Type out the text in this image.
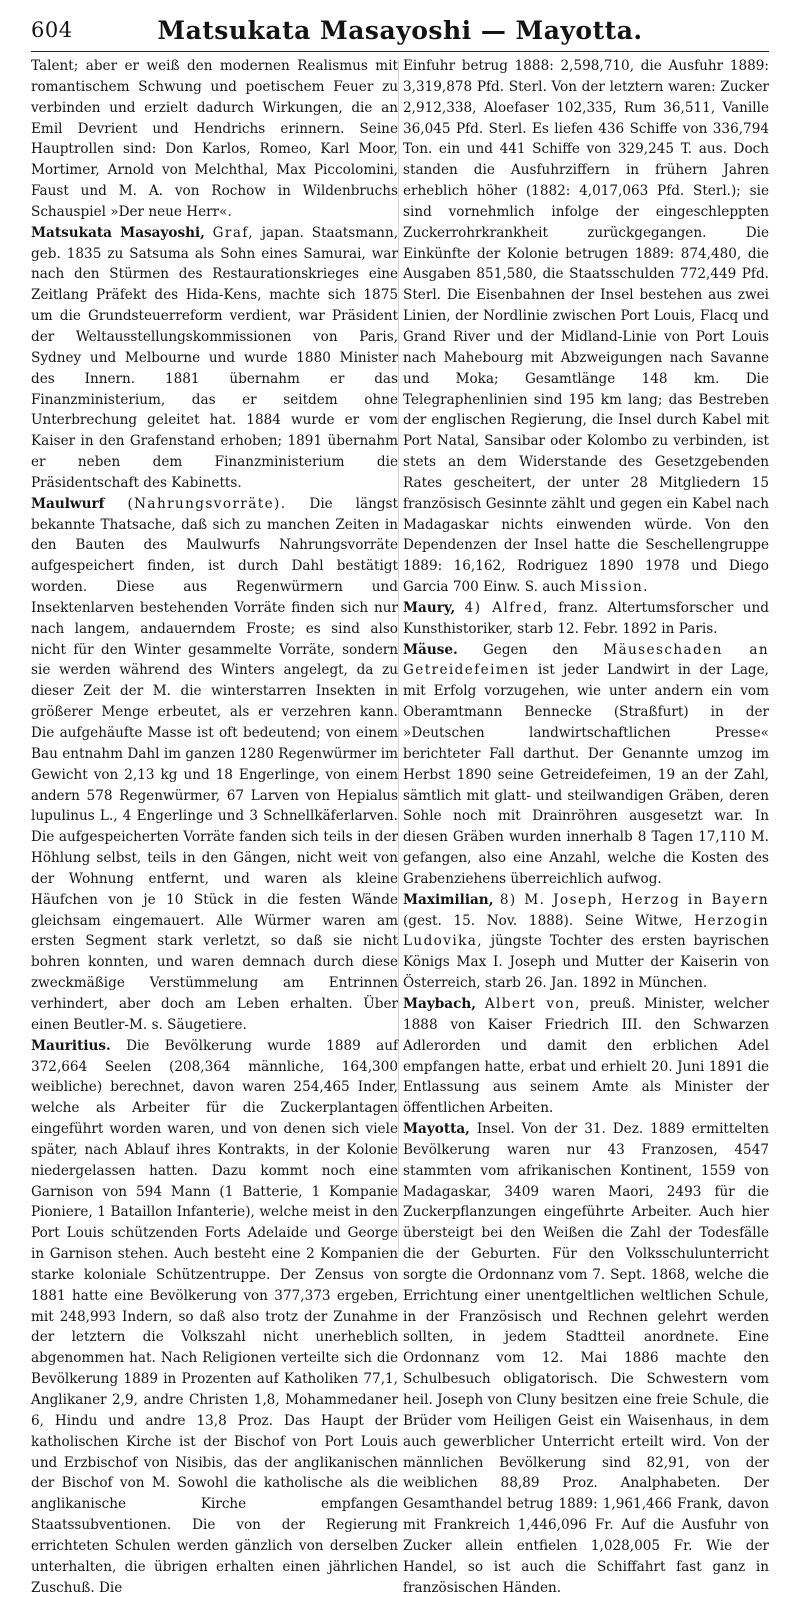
604	Matsukata Masayoshi — Mayotta.

Talent; aber er weiß den modernen Realismus mit romantischem Schwung und poetischem Feuer zu verbinden und erzielt dadurch Wirkungen, die an Emil Devrient und Hendrichs erinnern. Seine Hauptrollen sind: Don Karlos, Romeo, Karl Moor, Mortimer, Arnold von Melchthal, Max Piccolomini, Faust und M. A. von Rochow in Wildenbruchs Schauspiel »Der neue Herr«.

Matsukata Masayoshi, Graf, japan. Staatsmann, geb. 1835 zu Satsuma als Sohn eines Samurai, war nach den Stürmen des Restaurationskrieges eine Zeitlang Präfekt des Hida-Kens, machte sich 1875 um die Grundsteuerreform verdient, war Präsident der Weltausstellungskommissionen von Paris, Sydney und Melbourne und wurde 1880 Minister des Innern. 1881 übernahm er das Finanzministerium, das er seitdem ohne Unterbrechung geleitet hat. 1884 wurde er vom Kaiser in den Grafenstand erhoben; 1891 übernahm er neben dem Finanzministerium die Präsidentschaft des Kabinetts.

Maulwurf (Nahrungsvorräte). Die längst bekannte Thatsache, daß sich zu manchen Zeiten in den Bauten des Maulwurfs Nahrungsvorräte aufgespeichert finden, ist durch Dahl bestätigt worden. Diese aus Regenwürmern und Insektenlarven bestehenden Vorräte finden sich nur nach langem, andauerndem Froste; es sind also nicht für den Winter gesammelte Vorräte, sondern sie werden während des Winters angelegt, da zu dieser Zeit der M. die winterstarren Insekten in größerer Menge erbeutet, als er verzehren kann. Die aufgehäufte Masse ist oft bedeutend; von einem Bau entnahm Dahl im ganzen 1280 Regenwürmer im Gewicht von 2,13 kg und 18 Engerlinge, von einem andern 578 Regenwürmer, 67 Larven von Hepialus lupulinus L., 4 Engerlinge und 3 Schnellkäferlarven. Die aufgespeicherten Vorräte fanden sich teils in der Höhlung selbst, teils in den Gängen, nicht weit von der Wohnung entfernt, und waren als kleine Häufchen von je 10 Stück in die festen Wände gleichsam eingemauert. Alle Würmer waren am ersten Segment stark verletzt, so daß sie nicht bohren konnten, und waren demnach durch diese zweckmäßige Verstümmelung am Entrinnen verhindert, aber doch am Leben erhalten. Über einen Beutler-M. s. Säugetiere.

Mauritius. Die Bevölkerung wurde 1889 auf 372,664 Seelen (208,364 männliche, 164,300 weibliche) berechnet, davon waren 254,465 Inder, welche als Arbeiter für die Zuckerplantagen eingeführt worden waren, und von denen sich viele später, nach Ablauf ihres Kontrakts, in der Kolonie niedergelassen hatten. Dazu kommt noch eine Garnison von 594 Mann (1 Batterie, 1 Kompanie Pioniere, 1 Bataillon Infanterie), welche meist in den Port Louis schützenden Forts Adelaide und George in Garnison stehen. Auch besteht eine 2 Kompanien starke koloniale Schützentruppe. Der Zensus von 1881 hatte eine Bevölkerung von 377,373 ergeben, mit 248,993 Indern, so daß also trotz der Zunahme der letztern die Volkszahl nicht unerheblich abgenommen hat. Nach Religionen verteilte sich die Bevölkerung 1889 in Prozenten auf Katholiken 77,1, Anglikaner 2,9, andre Christen 1,8, Mohammedaner 6, Hindu und andre 13,8 Proz. Das Haupt der katholischen Kirche ist der Bischof von Port Louis und Erzbischof von Nisibis, das der anglikanischen der Bischof von M. Sowohl die katholische als die anglikanische Kirche empfangen Staatssubventionen. Die von der Regierung errichteten Schulen werden gänzlich von derselben unterhalten, die übrigen erhalten einen jährlichen Zuschuß. Die

Einfuhr betrug 1888: 2,598,710, die Ausfuhr 1889: 3,319,878 Pfd. Sterl. Von der letztern waren: Zucker 2,912,338, Aloefaser 102,335, Rum 36,511, Vanille 36,045 Pfd. Sterl. Es liefen 436 Schiffe von 336,794 Ton. ein und 441 Schiffe von 329,245 T. aus. Doch standen die Ausfuhrziffern in frühern Jahren erheblich höher (1882: 4,017,063 Pfd. Sterl.); sie sind vornehmlich infolge der eingeschleppten Zuckerrohrkrankheit zurückgegangen. Die Einkünfte der Kolonie betrugen 1889: 874,480, die Ausgaben 851,580, die Staatsschulden 772,449 Pfd. Sterl. Die Eisenbahnen der Insel bestehen aus zwei Linien, der Nordlinie zwischen Port Louis, Flacq und Grand River und der Midland-Linie von Port Louis nach Mahebourg mit Abzweigungen nach Savanne und Moka; Gesamtlänge 148 km. Die Telegraphenlinien sind 195 km lang; das Bestreben der englischen Regierung, die Insel durch Kabel mit Port Natal, Sansibar oder Kolombo zu verbinden, ist stets an dem Widerstande des Gesetzgebenden Rates gescheitert, der unter 28 Mitgliedern 15 französisch Gesinnte zählt und gegen ein Kabel nach Madagaskar nichts einwenden würde. Von den Dependenzen der Insel hatte die Seschellengruppe 1889: 16,162, Rodriguez 1890 1978 und Diego Garcia 700 Einw. S. auch Mission.

Maury, 4) Alfred, franz. Altertumsforscher und Kunsthistoriker, starb 12. Febr. 1892 in Paris.

Mäuse. Gegen den Mäuseschaden an Getreidefeimen ist jeder Landwirt in der Lage, mit Erfolg vorzugehen, wie unter andern ein vom Oberamtmann Bennecke (Straßfurt) in der »Deutschen landwirtschaftlichen Presse« berichteter Fall darthut. Der Genannte umzog im Herbst 1890 seine Getreidefeimen, 19 an der Zahl, sämtlich mit glatt- und steilwandigen Gräben, deren Sohle noch mit Drainröhren ausgesetzt war. In diesen Gräben wurden innerhalb 8 Tagen 17,110 M. gefangen, also eine Anzahl, welche die Kosten des Grabenziehens überreichlich aufwog.

Maximilian, 8) M. Joseph, Herzog in Bayern (gest. 15. Nov. 1888). Seine Witwe, Herzogin Ludovika, jüngste Tochter des ersten bayrischen Königs Max I. Joseph und Mutter der Kaiserin von Österreich, starb 26. Jan. 1892 in München.

Maybach, Albert von, preuß. Minister, welcher 1888 von Kaiser Friedrich III. den Schwarzen Adlerorden und damit den erblichen Adel empfangen hatte, erbat und erhielt 20. Juni 1891 die Entlassung aus seinem Amte als Minister der öffentlichen Arbeiten.

Mayotta, Insel. Von der 31. Dez. 1889 ermittelten Bevölkerung waren nur 43 Franzosen, 4547 stammten vom afrikanischen Kontinent, 1559 von Madagaskar, 3409 waren Maori, 2493 für die Zuckerpflanzungen eingeführte Arbeiter. Auch hier übersteigt bei den Weißen die Zahl der Todesfälle die der Geburten. Für den Volksschulunterricht sorgte die Ordonnanz vom 7. Sept. 1868, welche die Errichtung einer unentgeltlichen weltlichen Schule, in der Französisch und Rechnen gelehrt werden sollten, in jedem Stadtteil anordnete. Eine Ordonnanz vom 12. Mai 1886 machte den Schulbesuch obligatorisch. Die Schwestern vom heil. Joseph von Cluny besitzen eine freie Schule, die Brüder vom Heiligen Geist ein Waisenhaus, in dem auch gewerblicher Unterricht erteilt wird. Von der männlichen Bevölkerung sind 82,91, von der weiblichen 88,89 Proz. Analphabeten. Der Gesamthandel betrug 1889: 1,961,466 Frank, davon mit Frankreich 1,446,096 Fr. Auf die Ausfuhr von Zucker allein entfielen 1,028,005 Fr. Wie der Handel, so ist auch die Schiffahrt fast ganz in französischen Händen.
